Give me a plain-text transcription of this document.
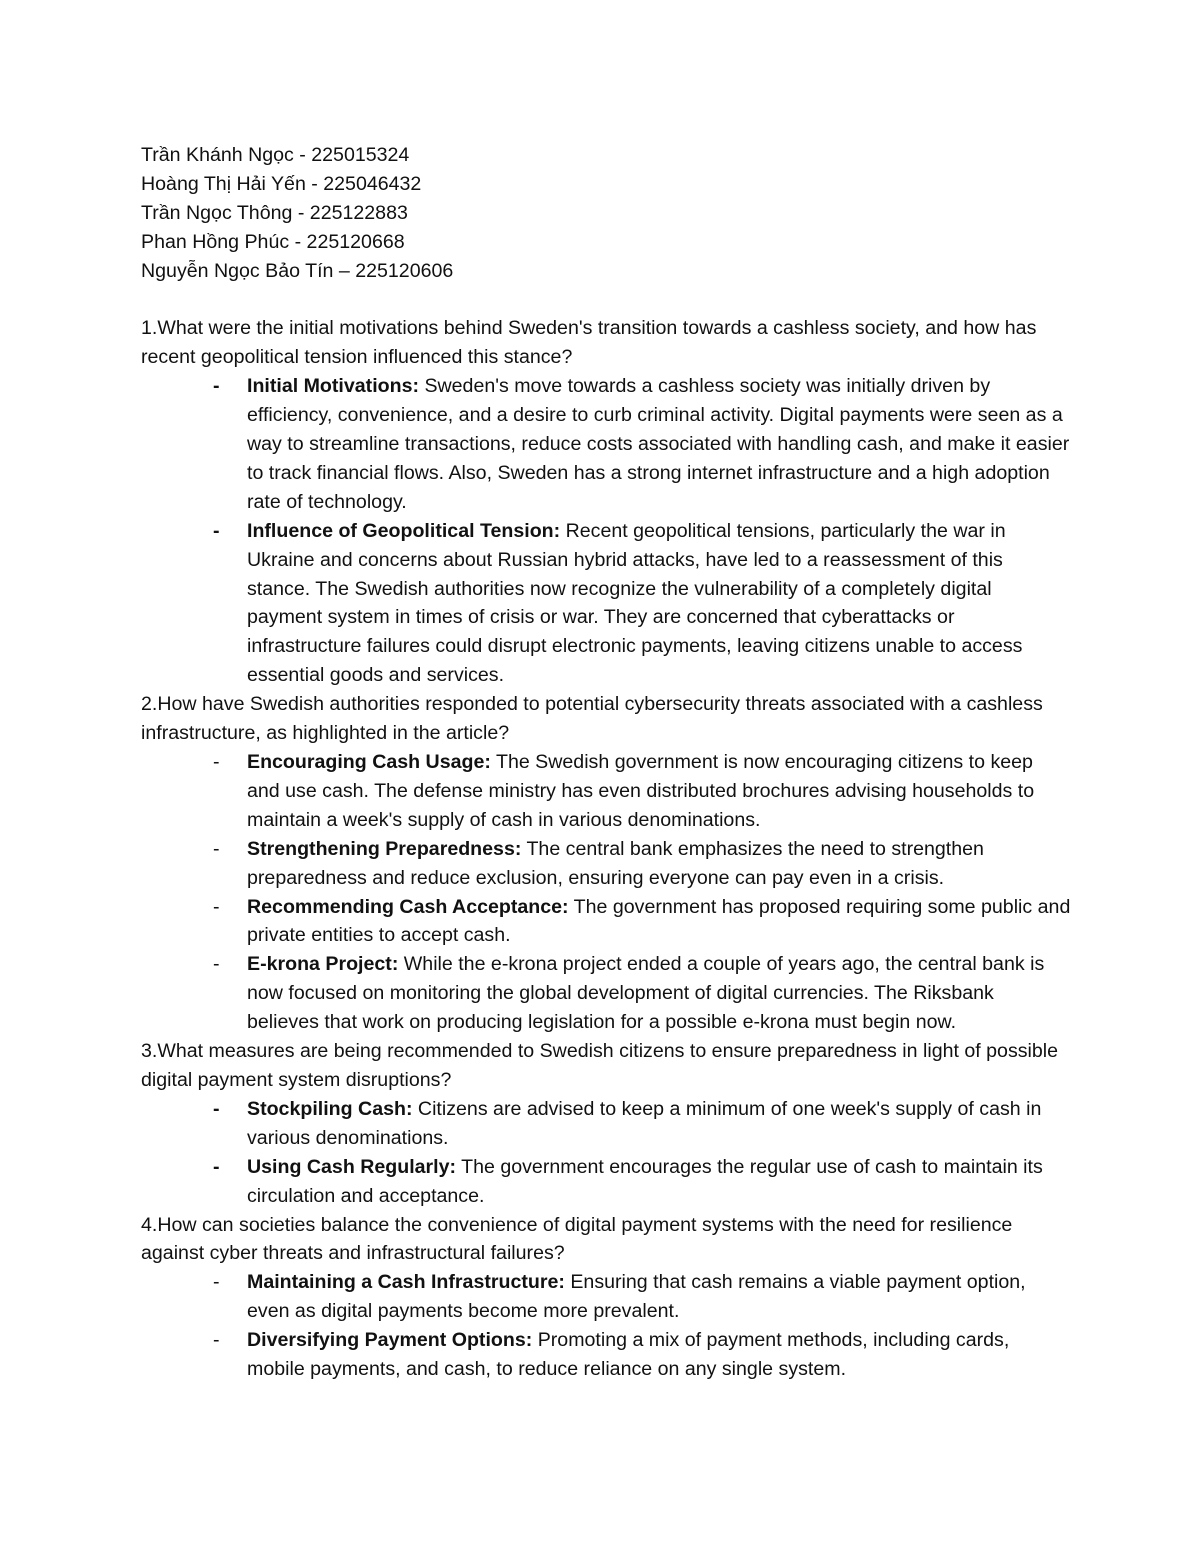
Trần Khánh Ngọc - 225015324
Hoàng Thị Hải Yến - 225046432
Trần Ngọc Thông - 225122883
Phan Hồng Phúc - 225120668
Nguyễn Ngọc Bảo Tín – 225120606

1.What were the initial motivations behind Sweden's transition towards a cashless society, and how has recent geopolitical tension influenced this stance?

- Initial Motivations: Sweden's move towards a cashless society was initially driven by efficiency, convenience, and a desire to curb criminal activity. Digital payments were seen as a way to streamline transactions, reduce costs associated with handling cash, and make it easier to track financial flows. Also, Sweden has a strong internet infrastructure and a high adoption rate of technology.
- Influence of Geopolitical Tension: Recent geopolitical tensions, particularly the war in Ukraine and concerns about Russian hybrid attacks, have led to a reassessment of this stance. The Swedish authorities now recognize the vulnerability of a completely digital payment system in times of crisis or war. They are concerned that cyberattacks or infrastructure failures could disrupt electronic payments, leaving citizens unable to access essential goods and services.

2.How have Swedish authorities responded to potential cybersecurity threats associated with a cashless infrastructure, as highlighted in the article?

- Encouraging Cash Usage: The Swedish government is now encouraging citizens to keep and use cash. The defense ministry has even distributed brochures advising households to maintain a week's supply of cash in various denominations.
- Strengthening Preparedness: The central bank emphasizes the need to strengthen preparedness and reduce exclusion, ensuring everyone can pay even in a crisis.
- Recommending Cash Acceptance: The government has proposed requiring some public and private entities to accept cash.
- E-krona Project: While the e-krona project ended a couple of years ago, the central bank is now focused on monitoring the global development of digital currencies. The Riksbank believes that work on producing legislation for a possible e-krona must begin now.

3.What measures are being recommended to Swedish citizens to ensure preparedness in light of possible digital payment system disruptions?

- Stockpiling Cash: Citizens are advised to keep a minimum of one week's supply of cash in various denominations.
- Using Cash Regularly: The government encourages the regular use of cash to maintain its circulation and acceptance.

4.How can societies balance the convenience of digital payment systems with the need for resilience against cyber threats and infrastructural failures?

- Maintaining a Cash Infrastructure: Ensuring that cash remains a viable payment option, even as digital payments become more prevalent.
- Diversifying Payment Options: Promoting a mix of payment methods, including cards, mobile payments, and cash, to reduce reliance on any single system.
